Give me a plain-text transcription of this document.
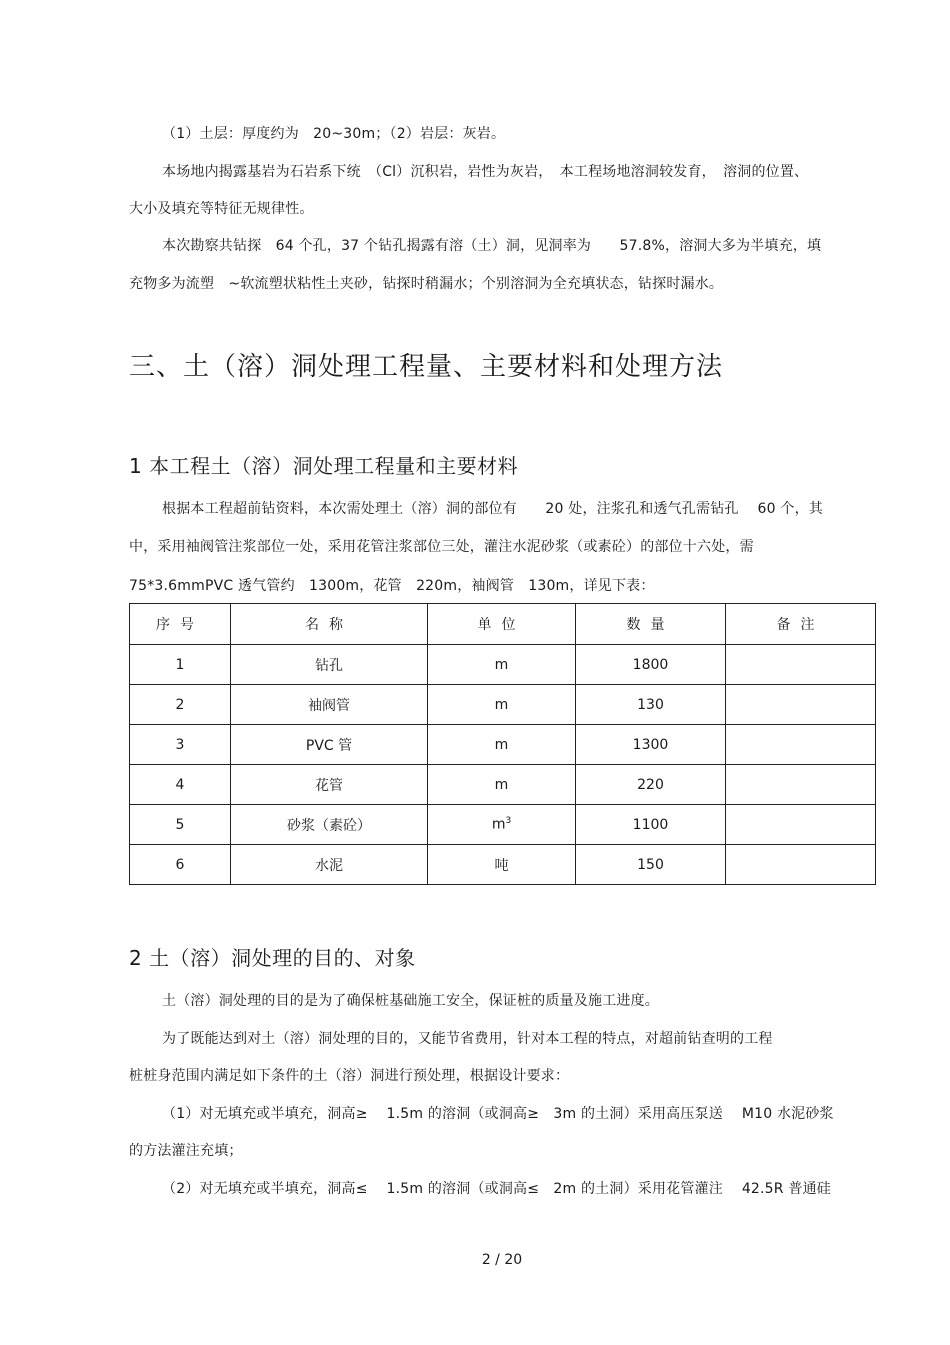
（1）土层：厚度约为　20~30m；（2）岩层：灰岩。
本场地内揭露基岩为石岩系下统　（Cl）沉积岩，岩性为灰岩，　本工程场地溶洞较发育，　溶洞的位置、
大小及填充等特征无规律性。
本次勘察共钻探　64 个孔，37 个钻孔揭露有溶（土）洞，见洞率为　　57.8%，溶洞大多为半填充，填
充物多为流塑　~软流塑状粘性土夹砂，钻探时稍漏水；个别溶洞为全充填状态，钻探时漏水。
三、土（溶）洞处理工程量、主要材料和处理方法
1 本工程土（溶）洞处理工程量和主要材料
根据本工程超前钻资料，本次需处理土（溶）洞的部位有　　20 处，注浆孔和透气孔需钻孔　 60 个，其
中，采用袖阀管注浆部位一处，采用花管注浆部位三处，灌注水泥砂浆（或素砼）的部位十六处，需
75*3.6mmPVC 透气管约　1300m，花管　220m，袖阀管　130m，详见下表：
序号	名称	单位	数量	备注
1	钻孔	m	1800	
2	袖阀管	m	130	
3	PVC 管	m	1300	
4	花管	m	220	
5	砂浆（素砼）	$m^3$	1100	
6	水泥	吨	150	
2 土（溶）洞处理的目的、对象
土（溶）洞处理的目的是为了确保桩基础施工安全，保证桩的质量及施工进度。
为了既能达到对土（溶）洞处理的目的，又能节省费用，针对本工程的特点，对超前钻查明的工程
桩桩身范围内满足如下条件的土（溶）洞进行预处理，根据设计要求：
（1）对无填充或半填充，洞高≥　 1.5m 的溶洞（或洞高≥　3m 的土洞）采用高压泵送　 M10 水泥砂浆
的方法灌注充填；
（2）对无填充或半填充，洞高≤　 1.5m 的溶洞（或洞高≤　2m 的土洞）采用花管灌注　 42.5R 普通硅
2 / 20
